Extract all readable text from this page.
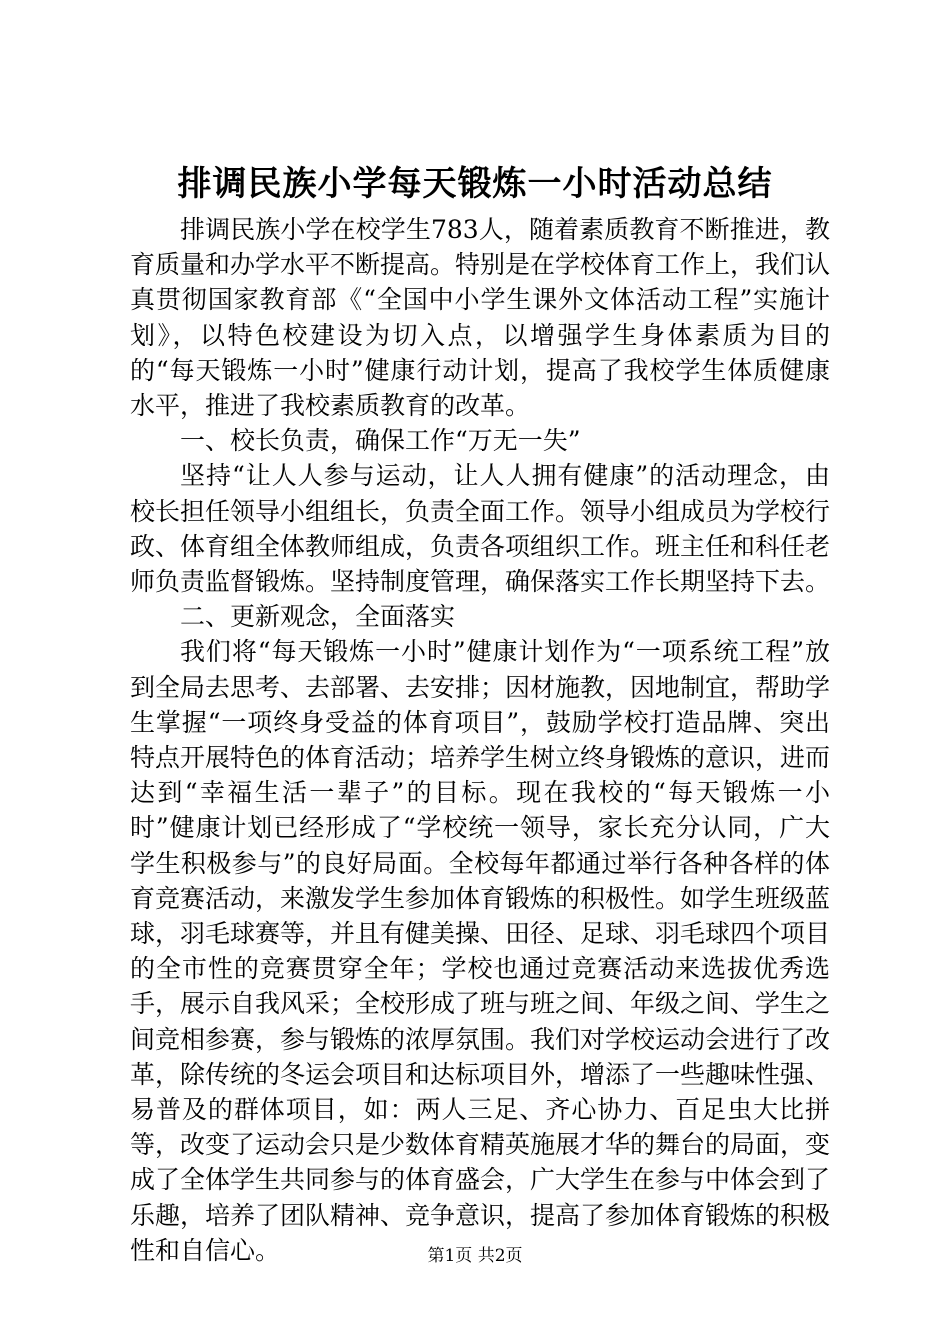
排调民族小学每天锻炼一小时活动总结

排调民族小学在校学生783人，随着素质教育不断推进，教育质量和办学水平不断提高。特别是在学校体育工作上，我们认真贯彻国家教育部《“全国中小学生课外文体活动工程”实施计划》，以特色校建设为切入点，以增强学生身体素质为目的的“每天锻炼一小时”健康行动计划，提高了我校学生体质健康水平，推进了我校素质教育的改革。

一、校长负责，确保工作“万无一失”

坚持“让人人参与运动，让人人拥有健康”的活动理念，由校长担任领导小组组长，负责全面工作。领导小组成员为学校行政、体育组全体教师组成，负责各项组织工作。班主任和科任老师负责监督锻炼。坚持制度管理，确保落实工作长期坚持下去。

二、更新观念，全面落实

我们将“每天锻炼一小时”健康计划作为“一项系统工程”放到全局去思考、去部署、去安排；因材施教，因地制宜，帮助学生掌握“一项终身受益的体育项目”，鼓励学校打造品牌、突出特点开展特色的体育活动；培养学生树立终身锻炼的意识，进而达到“幸福生活一辈子”的目标。现在我校的“每天锻炼一小时”健康计划已经形成了“学校统一领导，家长充分认同，广大学生积极参与”的良好局面。全校每年都通过举行各种各样的体育竞赛活动，来激发学生参加体育锻炼的积极性。如学生班级蓝球，羽毛球赛等，并且有健美操、田径、足球、羽毛球四个项目的全市性的竞赛贯穿全年；学校也通过竞赛活动来选拔优秀选手，展示自我风采；全校形成了班与班之间、年级之间、学生之间竞相参赛，参与锻炼的浓厚氛围。我们对学校运动会进行了改革，除传统的冬运会项目和达标项目外，增添了一些趣味性强、易普及的群体项目，如：两人三足、齐心协力、百足虫大比拼等，改变了运动会只是少数体育精英施展才华的舞台的局面，变成了全体学生共同参与的体育盛会，广大学生在参与中体会到了乐趣，培养了团队精神、竞争意识，提高了参加体育锻炼的积极性和自信心。	第1页 共2页
